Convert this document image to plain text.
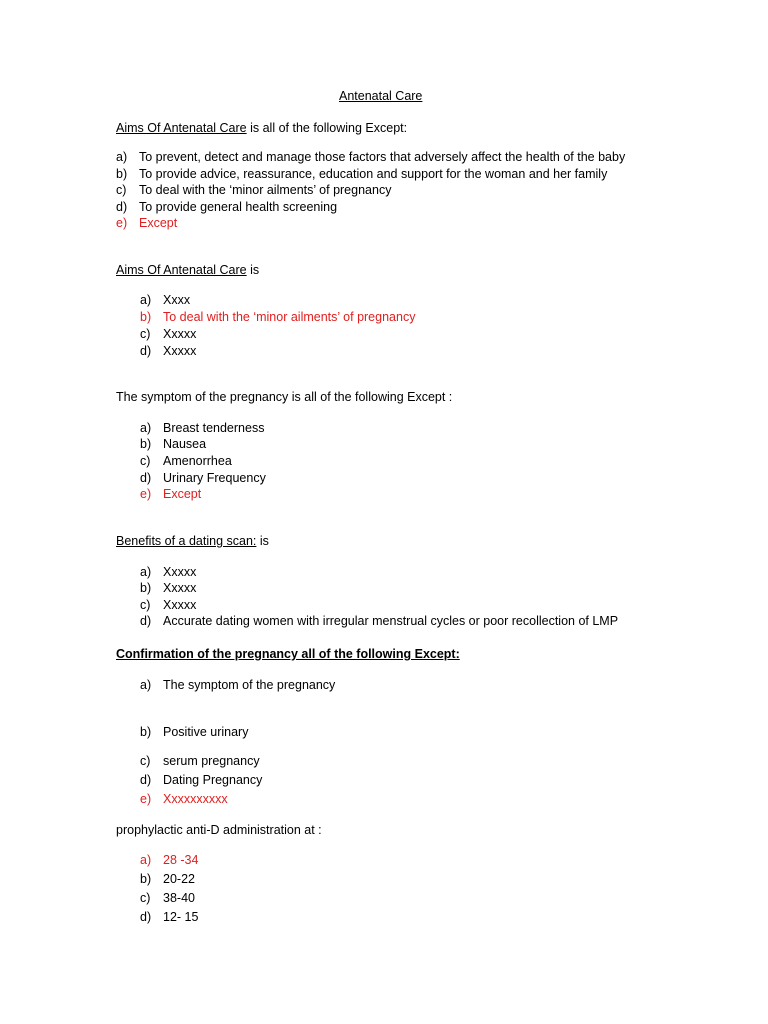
Antenatal Care
Aims Of Antenatal Care is all of the following Except:
a) To prevent, detect and manage those factors that adversely affect the health of the baby
b) To provide advice, reassurance, education and support for the woman and her family
c) To deal with the ‘minor ailments’ of pregnancy
d) To provide general health screening
e) Except
Aims Of Antenatal Care is
a) Xxxx
b) To deal with the ‘minor ailments’ of pregnancy
c) Xxxxx
d) Xxxxx
The symptom of the pregnancy is all of the following Except :
a) Breast tenderness
b) Nausea
c) Amenorrhea
d) Urinary Frequency
e) Except
Benefits of a dating scan: is
a) Xxxxx
b) Xxxxx
c) Xxxxx
d) Accurate dating women with irregular menstrual cycles or poor recollection of LMP
Confirmation of the pregnancy all of the following Except:
a) The symptom of the pregnancy
b) Positive urinary
c) serum pregnancy
d) Dating Pregnancy
e) Xxxxxxxxxx
prophylactic anti-D administration at :
a) 28 -34
b) 20-22
c) 38-40
d) 12- 15
